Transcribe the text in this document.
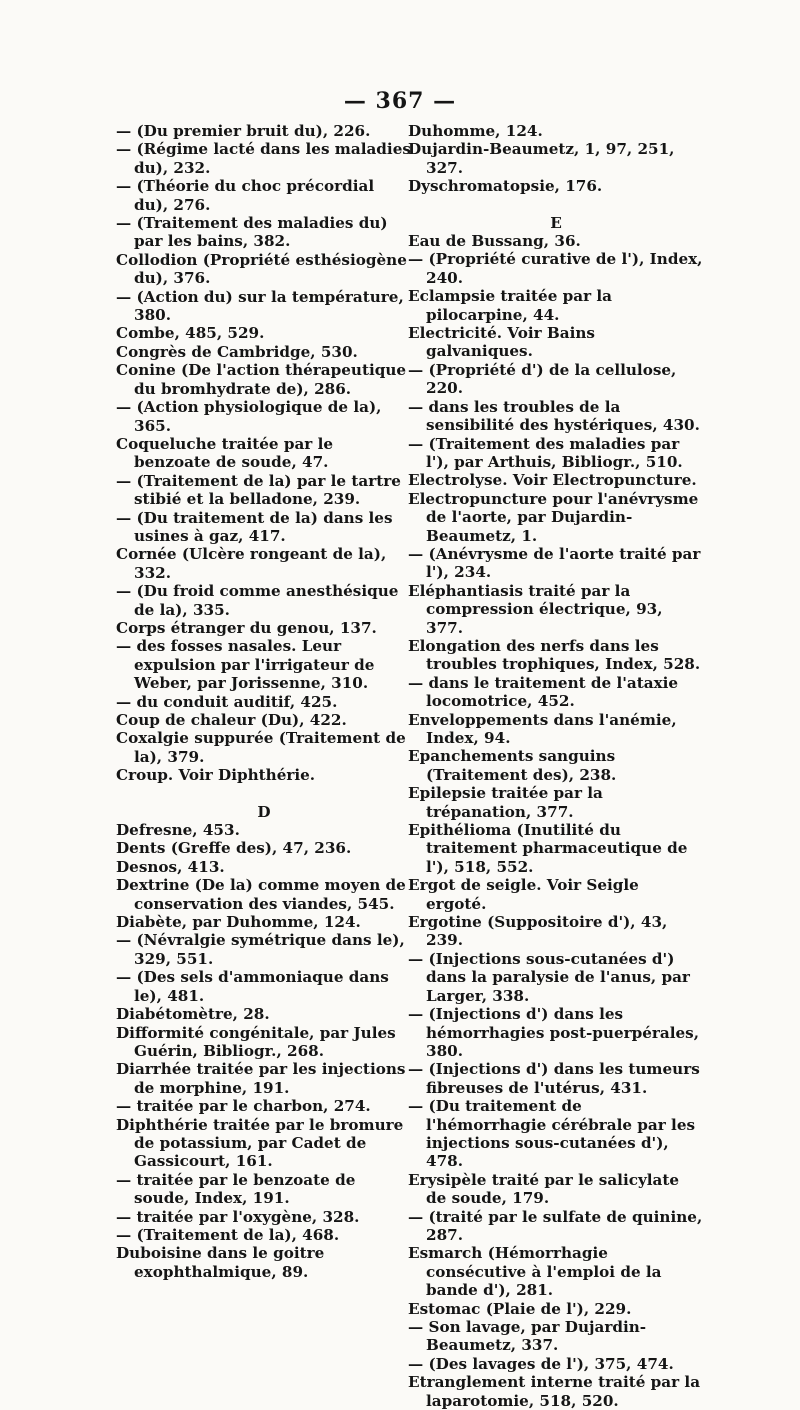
— 367 —

— (Du premier bruit du), 226.

— (Régime lacté dans les maladies du), 232.

— (Théorie du choc précordial du), 276.

— (Traitement des maladies du) par les bains, 382.

Collodion (Propriété esthésiogène du), 376.

— (Action du) sur la température, 380.

Combe, 485, 529.

Congrès de Cambridge, 530.

Conine (De l'action thérapeutique du bromhydrate de), 286.

— (Action physiologique de la), 365.

Coqueluche traitée par le benzoate de soude, 47.

— (Traitement de la) par le tartre stibié et la belladone, 239.

— (Du traitement de la) dans les usines à gaz, 417.

Cornée (Ulcère rongeant de la), 332.

— (Du froid comme anesthésique de la), 335.

Corps étranger du genou, 137.

— des fosses nasales. Leur expulsion par l'irrigateur de Weber, par Jorissenne, 310.

— du conduit auditif, 425.

Coup de chaleur (Du), 422.

Coxalgie suppurée (Traitement de la), 379.

Croup. Voir Diphthérie.

D

Defresne, 453.

Dents (Greffe des), 47, 236.

Desnos, 413.

Dextrine (De la) comme moyen de conservation des viandes, 545.

Diabète, par Duhomme, 124.

— (Névralgie symétrique dans le), 329, 551.

— (Des sels d'ammoniaque dans le), 481.

Diabétomètre, 28.

Difformité congénitale, par Jules Guérin, Bibliogr., 268.

Diarrhée traitée par les injections de morphine, 191.

— traitée par le charbon, 274.

Diphthérie traitée par le bromure de potassium, par Cadet de Gassicourt, 161.

— traitée par le benzoate de soude, Index, 191.

— traitée par l'oxygène, 328.

— (Traitement de la), 468.

Duboisine dans le goitre exophthalmique, 89.

Duhomme, 124.

Dujardin-Beaumetz, 1, 97, 251, 327.

Dyschromatopsie, 176.

E

Eau de Bussang, 36.

— (Propriété curative de l'), Index, 240.

Eclampsie traitée par la pilocarpine, 44.

Electricité. Voir Bains galvaniques.

— (Propriété d') de la cellulose, 220.

— dans les troubles de la sensibilité des hystériques, 430.

— (Traitement des maladies par l'), par Arthuis, Bibliogr., 510.

Electrolyse. Voir Electropuncture.

Electropuncture pour l'anévrysme de l'aorte, par Dujardin-Beaumetz, 1.

— (Anévrysme de l'aorte traité par l'), 234.

Eléphantiasis traité par la compression électrique, 93, 377.

Elongation des nerfs dans les troubles trophiques, Index, 528.

— dans le traitement de l'ataxie locomotrice, 452.

Enveloppements dans l'anémie, Index, 94.

Epanchements sanguins (Traitement des), 238.

Epilepsie traitée par la trépanation, 377.

Epithélioma (Inutilité du traitement pharmaceutique de l'), 518, 552.

Ergot de seigle. Voir Seigle ergoté.

Ergotine (Suppositoire d'), 43, 239.

— (Injections sous-cutanées d') dans la paralysie de l'anus, par Larger, 338.

— (Injections d') dans les hémorrhagies post-puerpérales, 380.

— (Injections d') dans les tumeurs fibreuses de l'utérus, 431.

— (Du traitement de l'hémorrhagie cérébrale par les injections sous-cutanées d'), 478.

Erysipèle traité par le salicylate de soude, 179.

— (traité par le sulfate de quinine, 287.

Esmarch (Hémorrhagie consécutive à l'emploi de la bande d'), 281.

Estomac (Plaie de l'), 229.

— Son lavage, par Dujardin-Beaumetz, 337.

— (Des lavages de l'), 375, 474.

Etranglement interne traité par la laparotomie, 518, 520.
